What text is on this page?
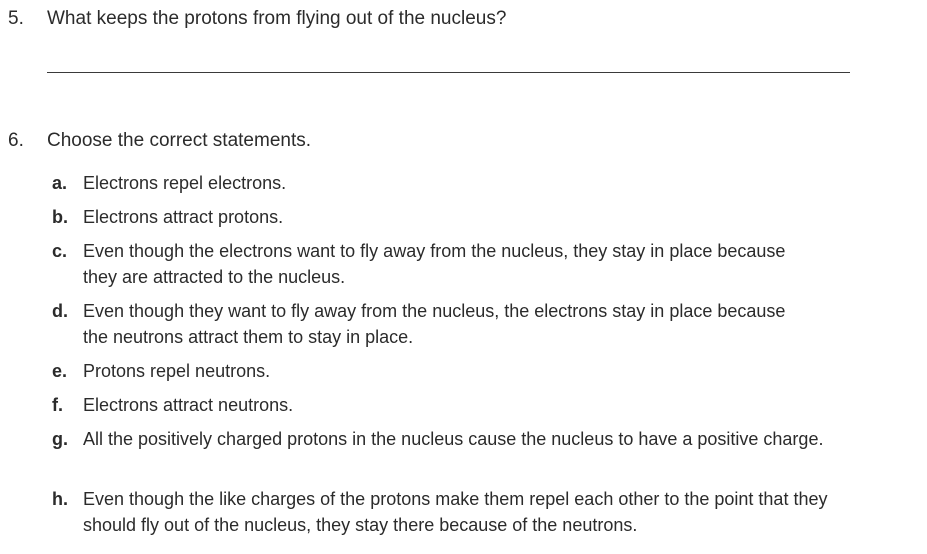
5. What keeps the protons from flying out of the nucleus?
6. Choose the correct statements.
a. Electrons repel electrons.
b. Electrons attract protons.
c. Even though the electrons want to fly away from the nucleus, they stay in place because they are attracted to the nucleus.
d. Even though they want to fly away from the nucleus, the electrons stay in place because the neutrons attract them to stay in place.
e. Protons repel neutrons.
f.	Electrons attract neutrons.
g. All the positively charged protons in the nucleus cause the nucleus to have a positive charge.
h. Even though the like charges of the protons make them repel each other to the point that they should fly out of the nucleus, they stay there because of the neutrons.
